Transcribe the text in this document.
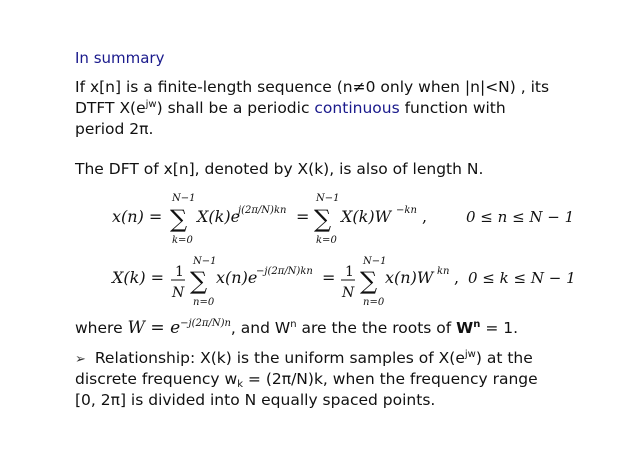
In summary
If x[n] is a finite-length sequence (n≠0 only when |n|<N) , its
DTFT $X(e^{jw})$ shall be a periodic continuous function with
period 2π.
The DFT of x[n], denoted by X(k), is also of length N.
x(n) =
N−1
∑
k=0
X(k)e
j(2π/N)kn =
N−1
∑
k=0
X(k)W −kn ,	0 ≤ n ≤ N − 1
X(k) = 1
N
N−1
∑
n=0
x(n)e
−j(2π/N)kn = 1
N
N−1
∑
n=0
x(n)W kn , 0 ≤ k ≤ N − 1
where $W = e^{-j(2\pi/N)n}$, and $W^n$ are the the roots of $W^n = 1$.
➢ Relationship: X(k) is the uniform samples of $X(e^{jw})$ at the
discrete frequency $w_k = (2\pi/N)k$, when the frequency range
[0, 2π] is divided into N equally spaced points.
